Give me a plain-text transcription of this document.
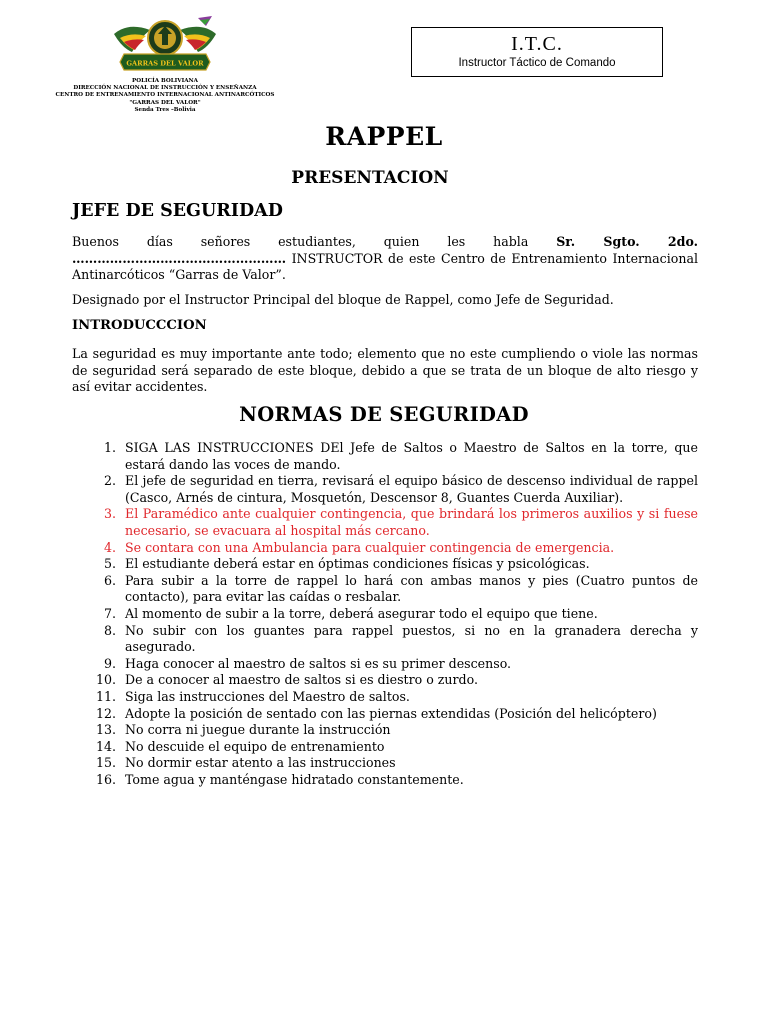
GARRAS DEL VALOR
POLICÍA BOLIVIANA
DIRECCIÓN NACIONAL DE INSTRUCCIÓN Y ENSEÑANZA
CENTRO DE ENTRENAMIENTO INTERNACIONAL ANTINARCÓTICOS
"GARRAS DEL VALOR"
Senda Tres –Bolivia
I.T.C.
Instructor Táctico de Comando
RAPPEL
PRESENTACION
JEFE DE SEGURIDAD
Buenos días señores estudiantes, quien les habla Sr. Sgto. 2do. …………………………………………… INSTRUCTOR de este Centro de Entrenamiento Internacional Antinarcóticos “Garras de Valor”.
Designado por el Instructor Principal del bloque de Rappel, como Jefe de Seguridad.
INTRODUCCCION
La seguridad es muy importante ante todo; elemento que no este cumpliendo o viole las normas de seguridad será separado de este bloque, debido a que se trata de un bloque de alto riesgo y así evitar accidentes.
NORMAS DE SEGURIDAD
1. SIGA LAS INSTRUCCIONES DEl Jefe de Saltos o Maestro de Saltos en la torre, que estará dando las voces de mando.
2. El jefe de seguridad en tierra, revisará el equipo básico de descenso individual de rappel (Casco, Arnés de cintura, Mosquetón, Descensor 8, Guantes Cuerda Auxiliar).
3. El Paramédico ante cualquier contingencia, que brindará los primeros auxilios y si fuese necesario, se evacuara al hospital más cercano.
4. Se contara con una Ambulancia para cualquier contingencia de emergencia.
5. El estudiante deberá estar en óptimas condiciones físicas y psicológicas.
6. Para subir a la torre de rappel lo hará con ambas manos y pies (Cuatro puntos de contacto), para evitar las caídas o resbalar.
7. Al momento de subir a la torre, deberá asegurar todo el equipo que tiene.
8. No subir con los guantes para rappel puestos, si no en la granadera derecha y asegurado.
9. Haga conocer al maestro de saltos si es su primer descenso.
10. De a conocer al maestro de saltos si es diestro o zurdo.
11. Siga las instrucciones del Maestro de saltos.
12. Adopte la posición de sentado con las piernas extendidas (Posición del helicóptero)
13. No corra ni juegue durante la instrucción
14. No descuide el equipo de entrenamiento
15. No dormir estar atento a las instrucciones
16. Tome agua y manténgase hidratado constantemente.
